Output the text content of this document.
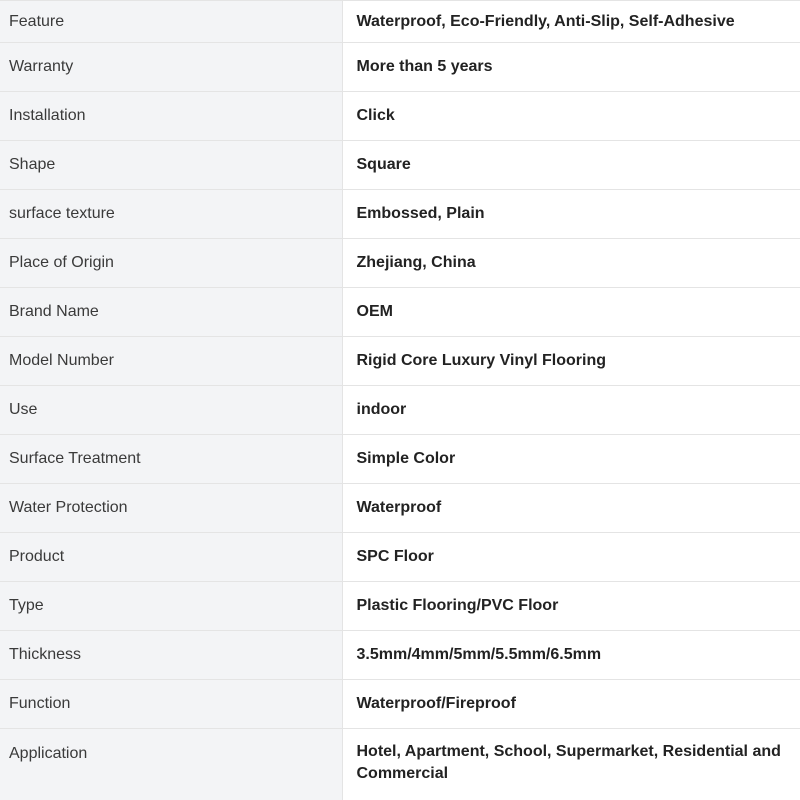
Feature	Waterproof, Eco-Friendly, Anti-Slip, Self-Adhesive
Warranty	More than 5 years
Installation	Click
Shape	Square
surface texture	Embossed, Plain
Place of Origin	Zhejiang, China
Brand Name	OEM
Model Number	Rigid Core Luxury Vinyl Flooring
Use	indoor
Surface Treatment	Simple Color
Water Protection	Waterproof
Product	SPC Floor
Type	Plastic Flooring/PVC Floor
Thickness	3.5mm/4mm/5mm/5.5mm/6.5mm
Function	Waterproof/Fireproof
Application	Hotel, Apartment, School, Supermarket, Residential and Commercial
